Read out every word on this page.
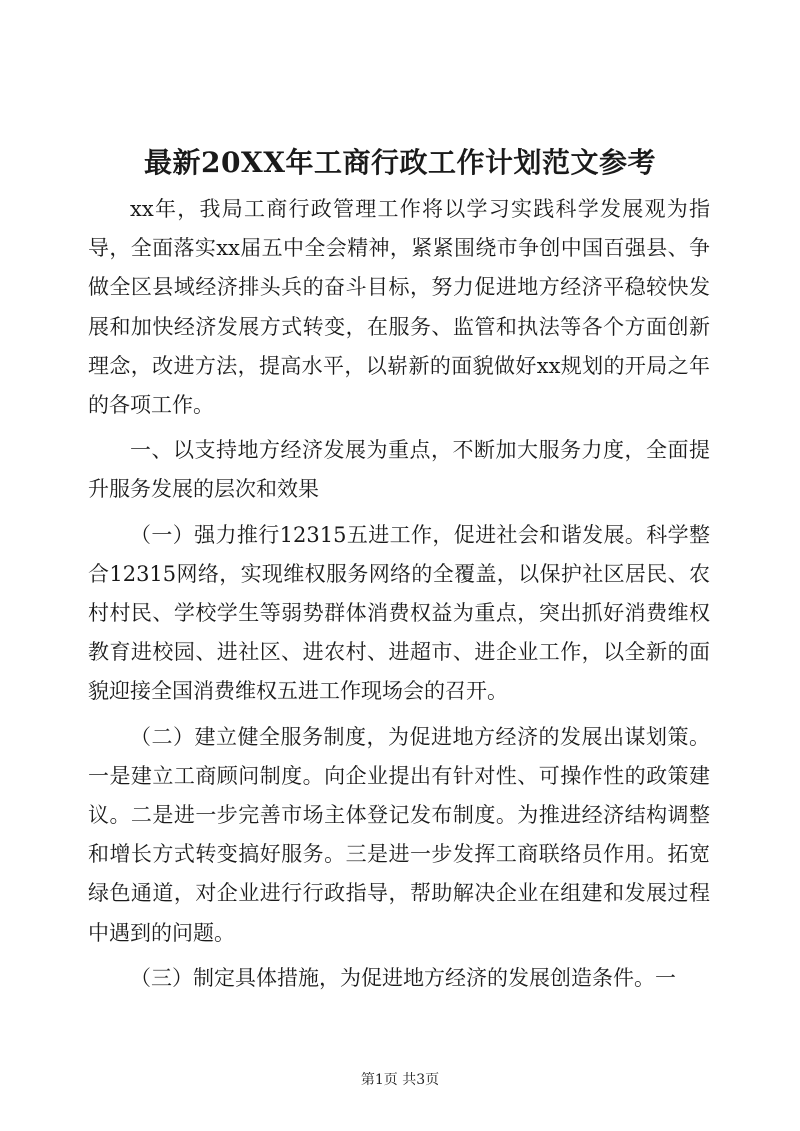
最新20XX年工商行政工作计划范文参考

xx年，我局工商行政管理工作将以学习实践科学发展观为指导，全面落实xx届五中全会精神，紧紧围绕市争创中国百强县、争做全区县域经济排头兵的奋斗目标，努力促进地方经济平稳较快发展和加快经济发展方式转变，在服务、监管和执法等各个方面创新理念，改进方法，提高水平，以崭新的面貌做好xx规划的开局之年的各项工作。

一、以支持地方经济发展为重点，不断加大服务力度，全面提升服务发展的层次和效果

（一）强力推行12315五进工作，促进社会和谐发展。科学整合12315网络，实现维权服务网络的全覆盖，以保护社区居民、农村村民、学校学生等弱势群体消费权益为重点，突出抓好消费维权教育进校园、进社区、进农村、进超市、进企业工作，以全新的面貌迎接全国消费维权五进工作现场会的召开。

（二）建立健全服务制度，为促进地方经济的发展出谋划策。一是建立工商顾问制度。向企业提出有针对性、可操作性的政策建议。二是进一步完善市场主体登记发布制度。为推进经济结构调整和增长方式转变搞好服务。三是进一步发挥工商联络员作用。拓宽绿色通道，对企业进行行政指导，帮助解决企业在组建和发展过程中遇到的问题。

（三）制定具体措施，为促进地方经济的发展创造条件。一

第1页 共3页
